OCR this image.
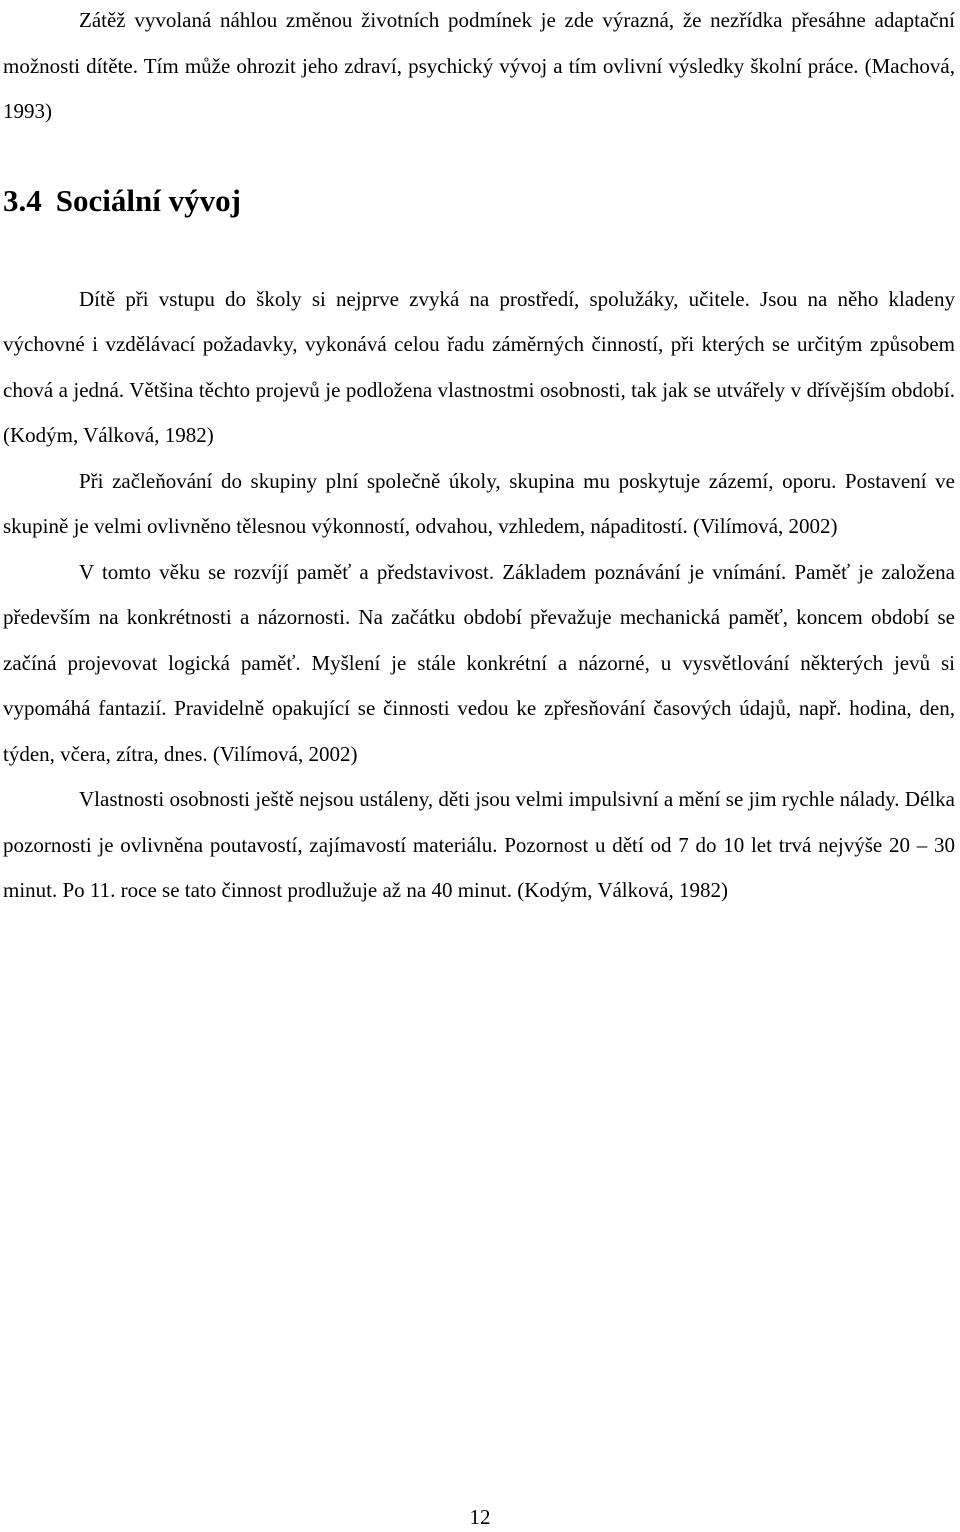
Zátěž vyvolaná náhlou změnou životních podmínek je zde výrazná, že nezřídka přesáhne adaptační možnosti dítěte. Tím může ohrozit jeho zdraví, psychický vývoj a tím ovlivní výsledky školní práce. (Machová, 1993)

3.4 Sociální vývoj

Dítě při vstupu do školy si nejprve zvyká na prostředí, spolužáky, učitele. Jsou na něho kladeny výchovné i vzdělávací požadavky, vykonává celou řadu záměrných činností, při kterých se určitým způsobem chová a jedná. Většina těchto projevů je podložena vlastnostmi osobnosti, tak jak se utvářely v dřívějším období. (Kodým, Válková, 1982)

Při začleňování do skupiny plní společně úkoly, skupina mu poskytuje zázemí, oporu. Postavení ve skupině je velmi ovlivněno tělesnou výkonností, odvahou, vzhledem, nápaditostí. (Vilímová, 2002)

V tomto věku se rozvíjí paměť a představivost. Základem poznávání je vnímání. Paměť je založena především na konkrétnosti a názornosti. Na začátku období převažuje mechanická paměť, koncem období se začíná projevovat logická paměť. Myšlení je stále konkrétní a názorné, u vysvětlování některých jevů si vypomáhá fantazií. Pravidelně opakující se činnosti vedou ke zpřesňování časových údajů, např. hodina, den, týden, včera, zítra, dnes. (Vilímová, 2002)

Vlastnosti osobnosti ještě nejsou ustáleny, děti jsou velmi impulsivní a mění se jim rychle nálady. Délka pozornosti je ovlivněna poutavostí, zajímavostí materiálu. Pozornost u dětí od 7 do 10 let trvá nejvýše 20 – 30 minut. Po 11. roce se tato činnost prodlužuje až na 40 minut. (Kodým, Válková, 1982)

12
